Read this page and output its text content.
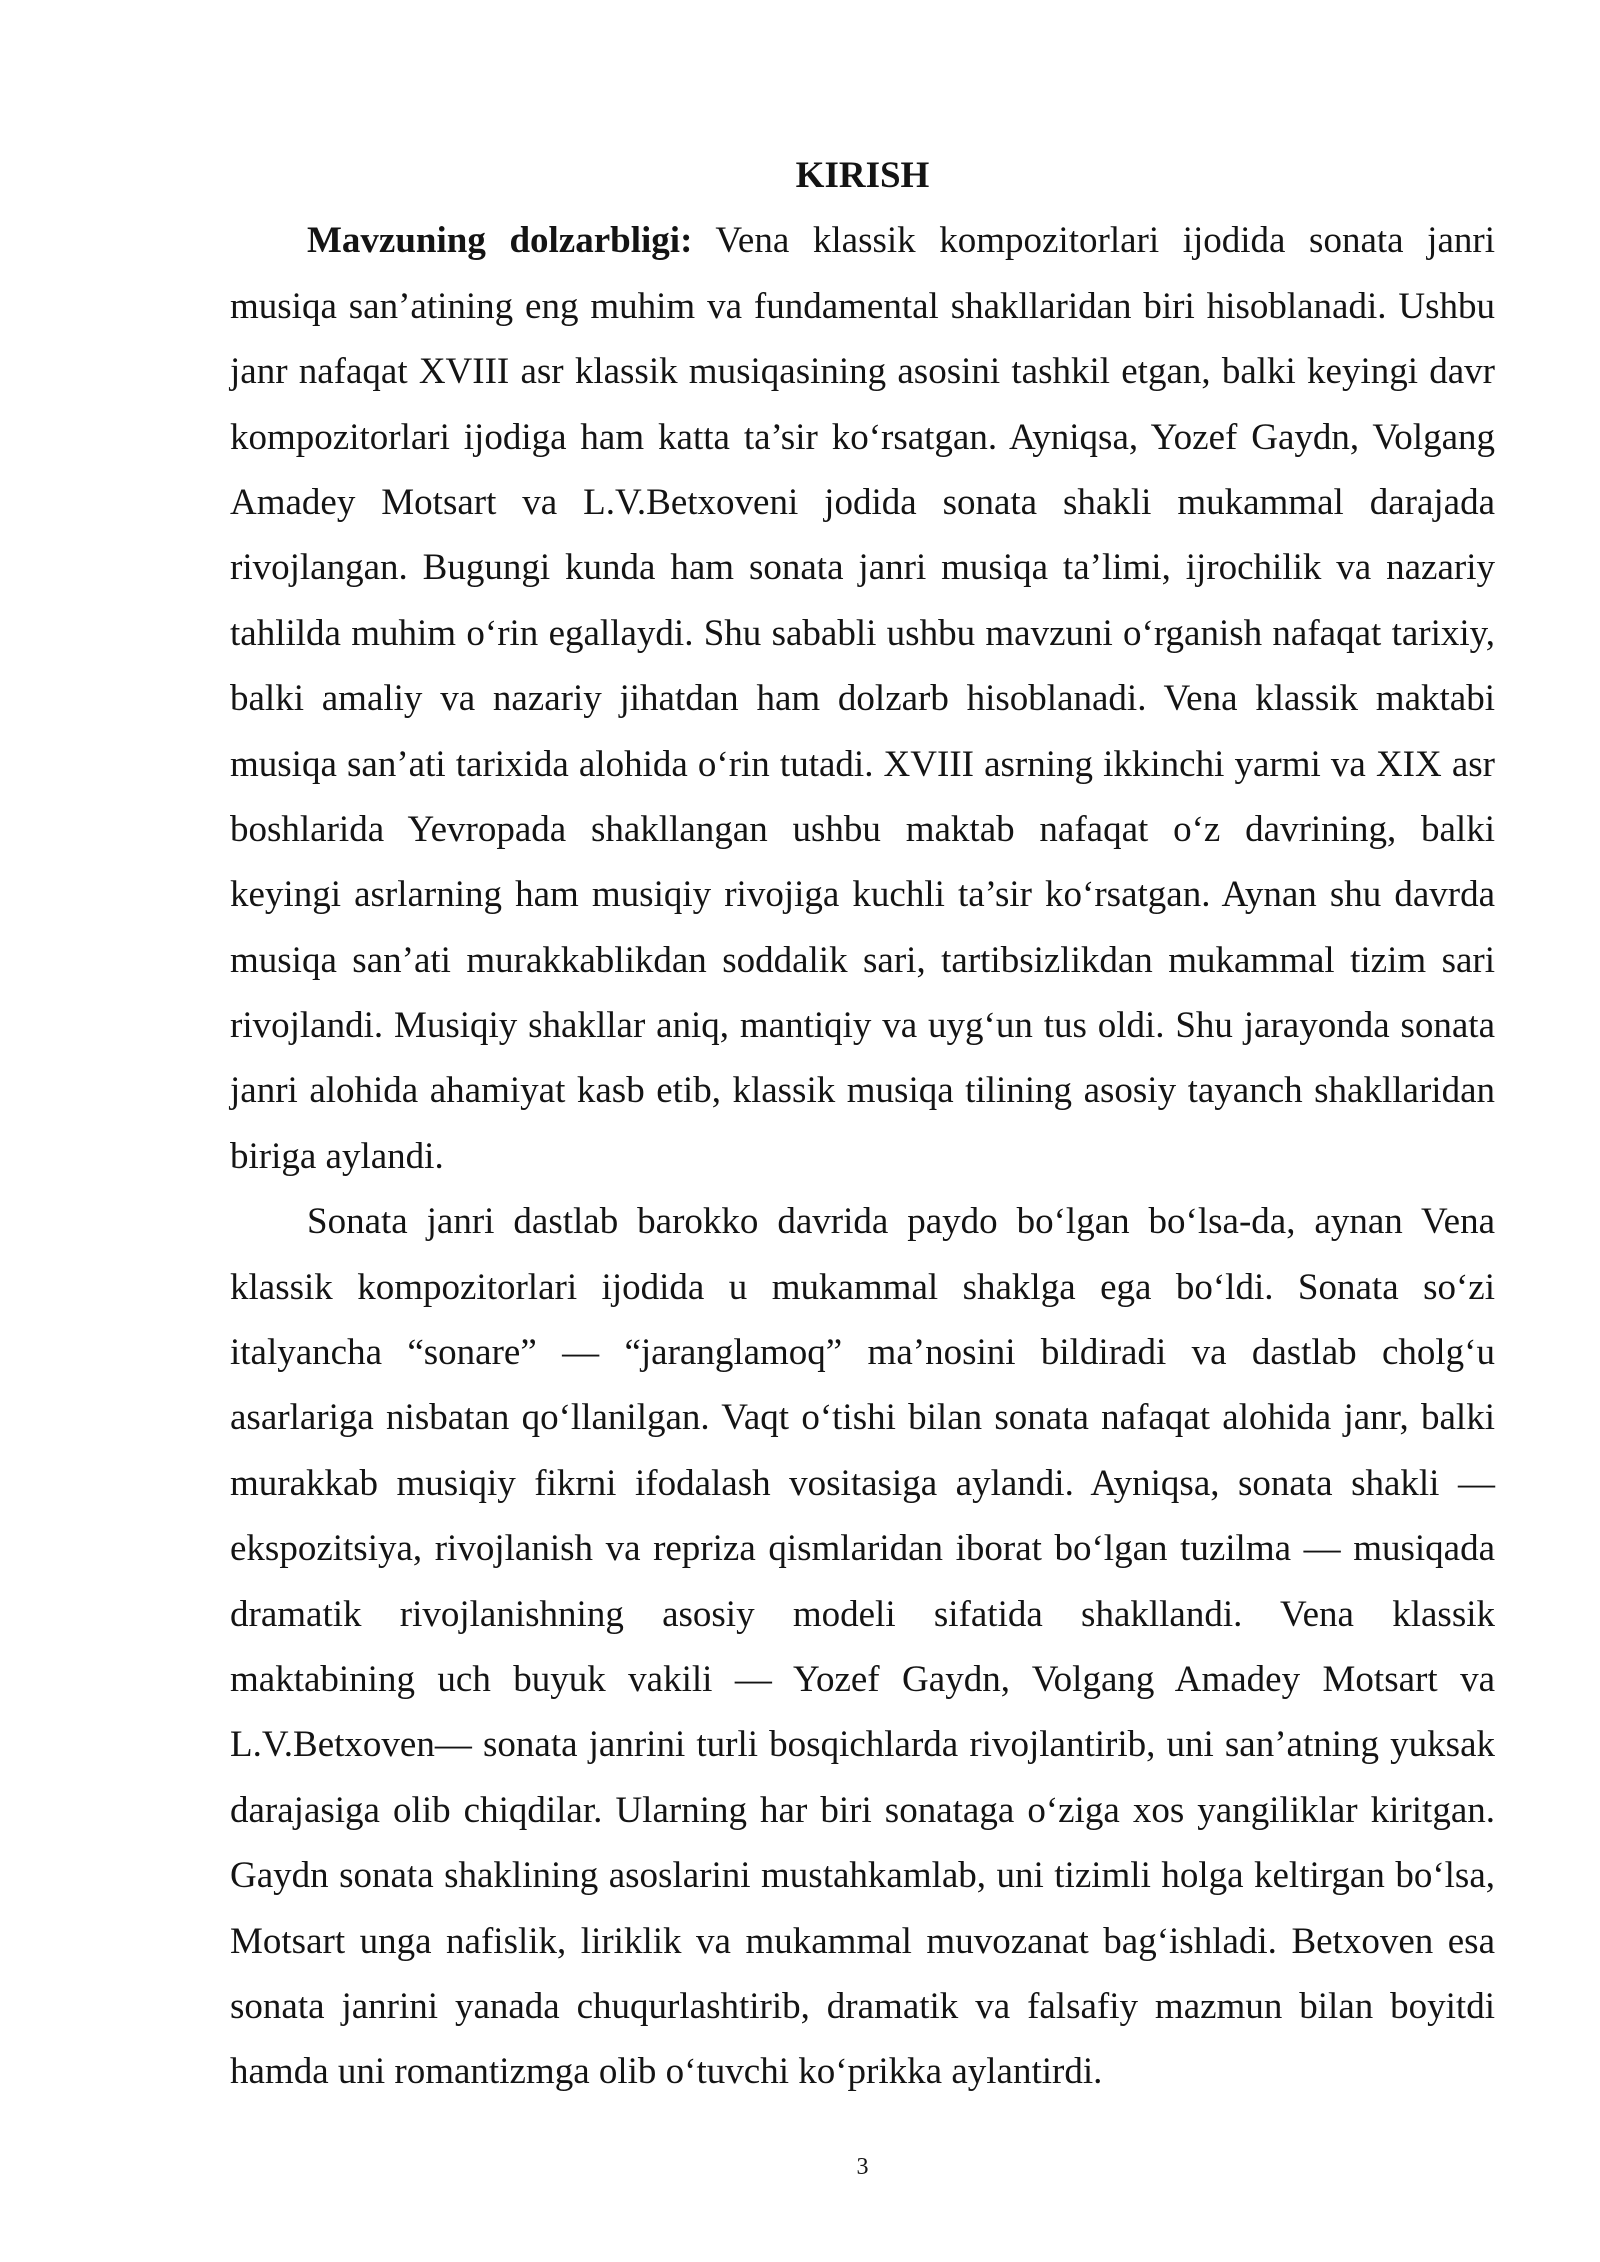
KIRISH

Mavzuning dolzarbligi: Vena klassik kompozitorlari ijodida sonata janri

musiqa san’atining eng muhim va fundamental shakllaridan biri hisoblanadi. Ushbu

janr nafaqat XVIII asr klassik musiqasining asosini tashkil etgan, balki keyingi davr

kompozitorlari ijodiga ham katta ta’sir ko‘rsatgan. Ayniqsa, Yozef Gaydn, Volgang

Amadey Motsart va L.V.Betxoveni jodida sonata shakli mukammal darajada

rivojlangan. Bugungi kunda ham sonata janri musiqa ta’limi, ijrochilik va nazariy

tahlilda muhim o‘rin egallaydi. Shu sababli ushbu mavzuni o‘rganish nafaqat tarixiy,

balki amaliy va nazariy jihatdan ham dolzarb hisoblanadi. Vena klassik maktabi

musiqa san’ati tarixida alohida o‘rin tutadi. XVIII asrning ikkinchi yarmi va XIX asr

boshlarida Yevropada shakllangan ushbu maktab nafaqat o‘z davrining, balki

keyingi asrlarning ham musiqiy rivojiga kuchli ta’sir ko‘rsatgan. Aynan shu davrda

musiqa san’ati murakkablikdan soddalik sari, tartibsizlikdan mukammal tizim sari

rivojlandi. Musiqiy shakllar aniq, mantiqiy va uyg‘un tus oldi. Shu jarayonda sonata

janri alohida ahamiyat kasb etib, klassik musiqa tilining asosiy tayanch shakllaridan

biriga aylandi.

Sonata janri dastlab barokko davrida paydo bo‘lgan bo‘lsa-da, aynan Vena

klassik kompozitorlari ijodida u mukammal shaklga ega bo‘ldi. Sonata so‘zi

italyancha “sonare” — “jaranglamoq” ma’nosini bildiradi va dastlab cholg‘u

asarlariga nisbatan qo‘llanilgan. Vaqt o‘tishi bilan sonata nafaqat alohida janr, balki

murakkab musiqiy fikrni ifodalash vositasiga aylandi. Ayniqsa, sonata shakli —

ekspozitsiya, rivojlanish va repriza qismlaridan iborat bo‘lgan tuzilma — musiqada

dramatik rivojlanishning asosiy modeli sifatida shakllandi. Vena klassik

maktabining uch buyuk vakili — Yozef Gaydn, Volgang Amadey Motsart va

L.V.Betxoven— sonata janrini turli bosqichlarda rivojlantirib, uni san’atning yuksak

darajasiga olib chiqdilar. Ularning har biri sonataga o‘ziga xos yangiliklar kiritgan.

Gaydn sonata shaklining asoslarini mustahkamlab, uni tizimli holga keltirgan bo‘lsa,

Motsart unga nafislik, liriklik va mukammal muvozanat bag‘ishladi. Betxoven esa

sonata janrini yanada chuqurlashtirib, dramatik va falsafiy mazmun bilan boyitdi

hamda uni romantizmga olib o‘tuvchi ko‘prikka aylantirdi.

3
